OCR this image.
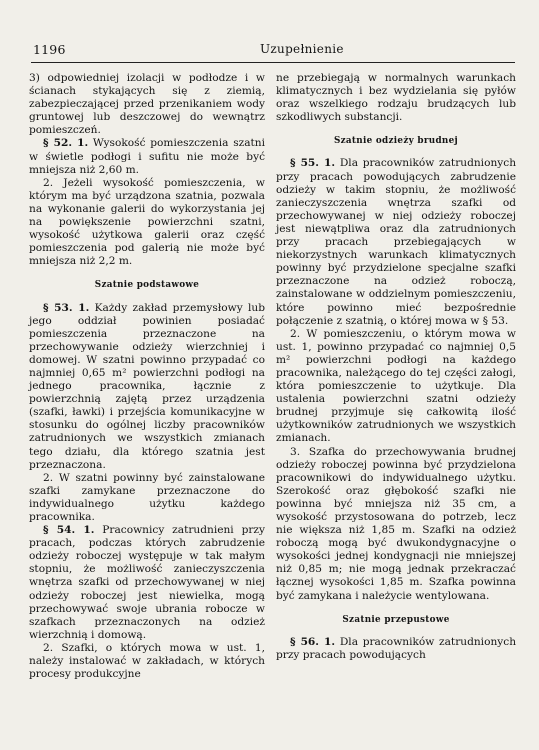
1196	Uzupełnienie

3) odpowiedniej izolacji w podłodze i w ścianach stykających się z ziemią, zabezpieczającej przed przenikaniem wody gruntowej lub deszczowej do wewnątrz pomieszczeń.

§ 52. 1. Wysokość pomieszczenia szatni w świetle podłogi i sufitu nie może być mniejsza niż 2,60 m.

2. Jeżeli wysokość pomieszczenia, w którym ma być urządzona szatnia, pozwala na wykonanie galerii do wykorzystania jej na powiększenie powierzchni szatni, wysokość użytkowa galerii oraz część pomieszczenia pod galerią nie może być mniejsza niż 2,2 m.

Szatnie podstawowe

§ 53. 1. Każdy zakład przemysłowy lub jego oddział powinien posiadać pomieszczenia przeznaczone na przechowywanie odzieży wierzchniej i domowej. W szatni powinno przypadać co najmniej 0,65 m² powierzchni podłogi na jednego pracownika, łącznie z powierzchnią zajętą przez urządzenia (szafki, ławki) i przejścia komunikacyjne w stosunku do ogólnej liczby pracowników zatrudnionych we wszystkich zmianach tego działu, dla którego szatnia jest przeznaczona.

2. W szatni powinny być zainstalowane szafki zamykane przeznaczone do indywidualnego użytku każdego pracownika.

§ 54. 1. Pracownicy zatrudnieni przy pracach, podczas których zabrudzenie odzieży roboczej występuje w tak małym stopniu, że możliwość zanieczyszczenia wnętrza szafki od przechowywanej w niej odzieży roboczej jest niewielka, mogą przechowywać swoje ubrania robocze w szafkach przeznaczonych na odzież wierzchnią i domową.

2. Szafki, o których mowa w ust. 1, należy instalować w zakładach, w których procesy produkcyjne

ne przebiegają w normalnych warunkach klimatycznych i bez wydzielania się pyłów oraz wszelkiego rodzaju brudzących lub szkodliwych substancji.

Szatnie odzieży brudnej

§ 55. 1. Dla pracowników zatrudnionych przy pracach powodujących zabrudzenie odzieży w takim stopniu, że możliwość zanieczyszczenia wnętrza szafki od przechowywanej w niej odzieży roboczej jest niewątpliwa oraz dla zatrudnionych przy pracach przebiegających w niekorzystnych warunkach klimatycznych powinny być przydzielone specjalne szafki przeznaczone na odzież roboczą, zainstalowane w oddzielnym pomieszczeniu, które powinno mieć bezpośrednie połączenie z szatnią, o której mowa w § 53.

2. W pomieszczeniu, o którym mowa w ust. 1, powinno przypadać co najmniej 0,5 m² powierzchni podłogi na każdego pracownika, należącego do tej części załogi, która pomieszczenie to użytkuje. Dla ustalenia powierzchni szatni odzieży brudnej przyjmuje się całkowitą ilość użytkowników zatrudnionych we wszystkich zmianach.

3. Szafka do przechowywania brudnej odzieży roboczej powinna być przydzielona pracownikowi do indywidualnego użytku. Szerokość oraz głębokość szafki nie powinna być mniejsza niż 35 cm, a wysokość przystosowana do potrzeb, lecz nie większa niż 1,85 m. Szafki na odzież roboczą mogą być dwukondygnacyjne o wysokości jednej kondygnacji nie mniejszej niż 0,85 m; nie mogą jednak przekraczać łącznej wysokości 1,85 m. Szafka powinna być zamykana i należycie wentylowana.

Szatnie przepustowe

§ 56. 1. Dla pracowników zatrudnionych przy pracach powodujących
